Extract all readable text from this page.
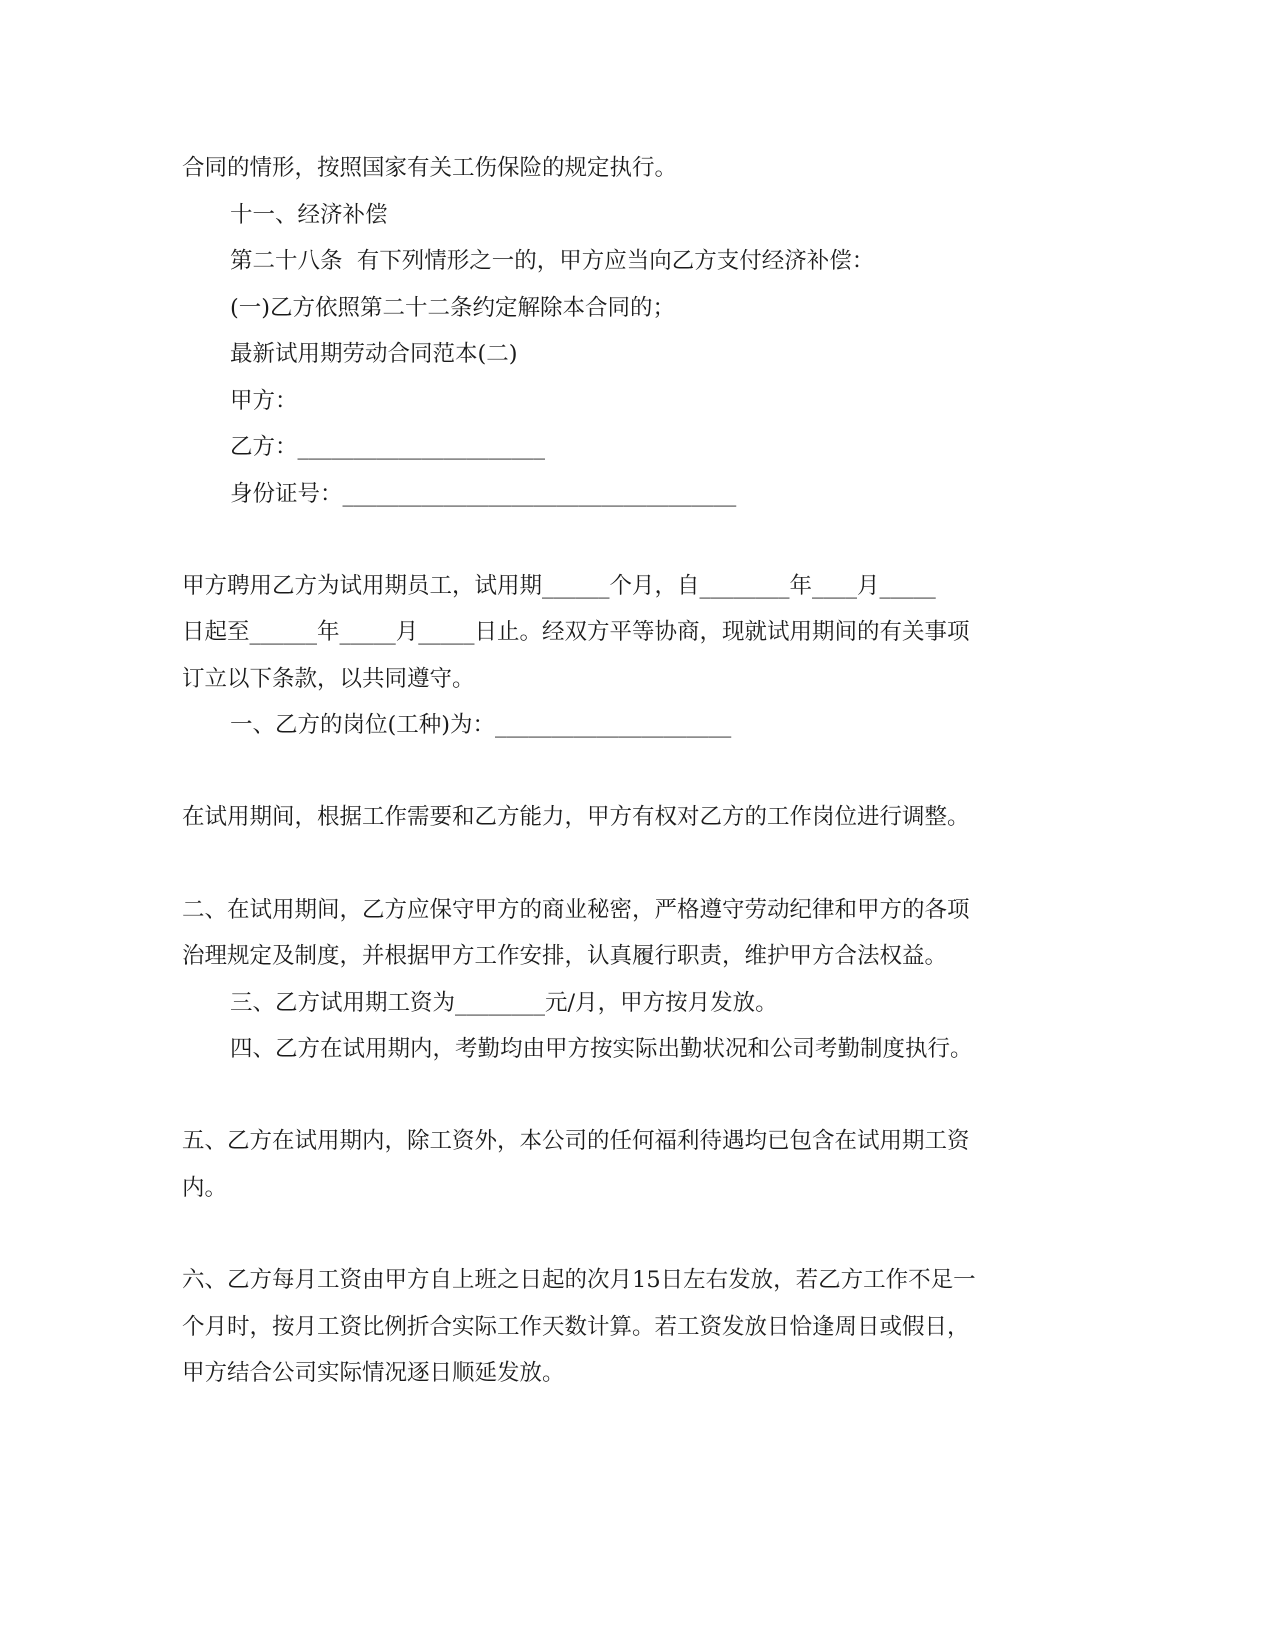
合同的情形，按照国家有关工伤保险的规定执行。

十一、经济补偿

第二十八条  有下列情形之一的，甲方应当向乙方支付经济补偿：

(一)乙方依照第二十二条约定解除本合同的；

最新试用期劳动合同范本(二)

甲方：

乙方：______________________

身份证号：___________________________________

甲方聘用乙方为试用期员工，试用期______个月，自________年____月_____

日起至______年_____月_____日止。经双方平等协商，现就试用期间的有关事项

订立以下条款，以共同遵守。

一、乙方的岗位(工种)为：_____________________

在试用期间，根据工作需要和乙方能力，甲方有权对乙方的工作岗位进行调整。

二、在试用期间，乙方应保守甲方的商业秘密，严格遵守劳动纪律和甲方的各项

治理规定及制度，并根据甲方工作安排，认真履行职责，维护甲方合法权益。

三、乙方试用期工资为________元/月，甲方按月发放。

四、乙方在试用期内，考勤均由甲方按实际出勤状况和公司考勤制度执行。

五、乙方在试用期内，除工资外，本公司的任何福利待遇均已包含在试用期工资

内。

六、乙方每月工资由甲方自上班之日起的次月15日左右发放，若乙方工作不足一

个月时，按月工资比例折合实际工作天数计算。若工资发放日恰逢周日或假日，

甲方结合公司实际情况逐日顺延发放。
